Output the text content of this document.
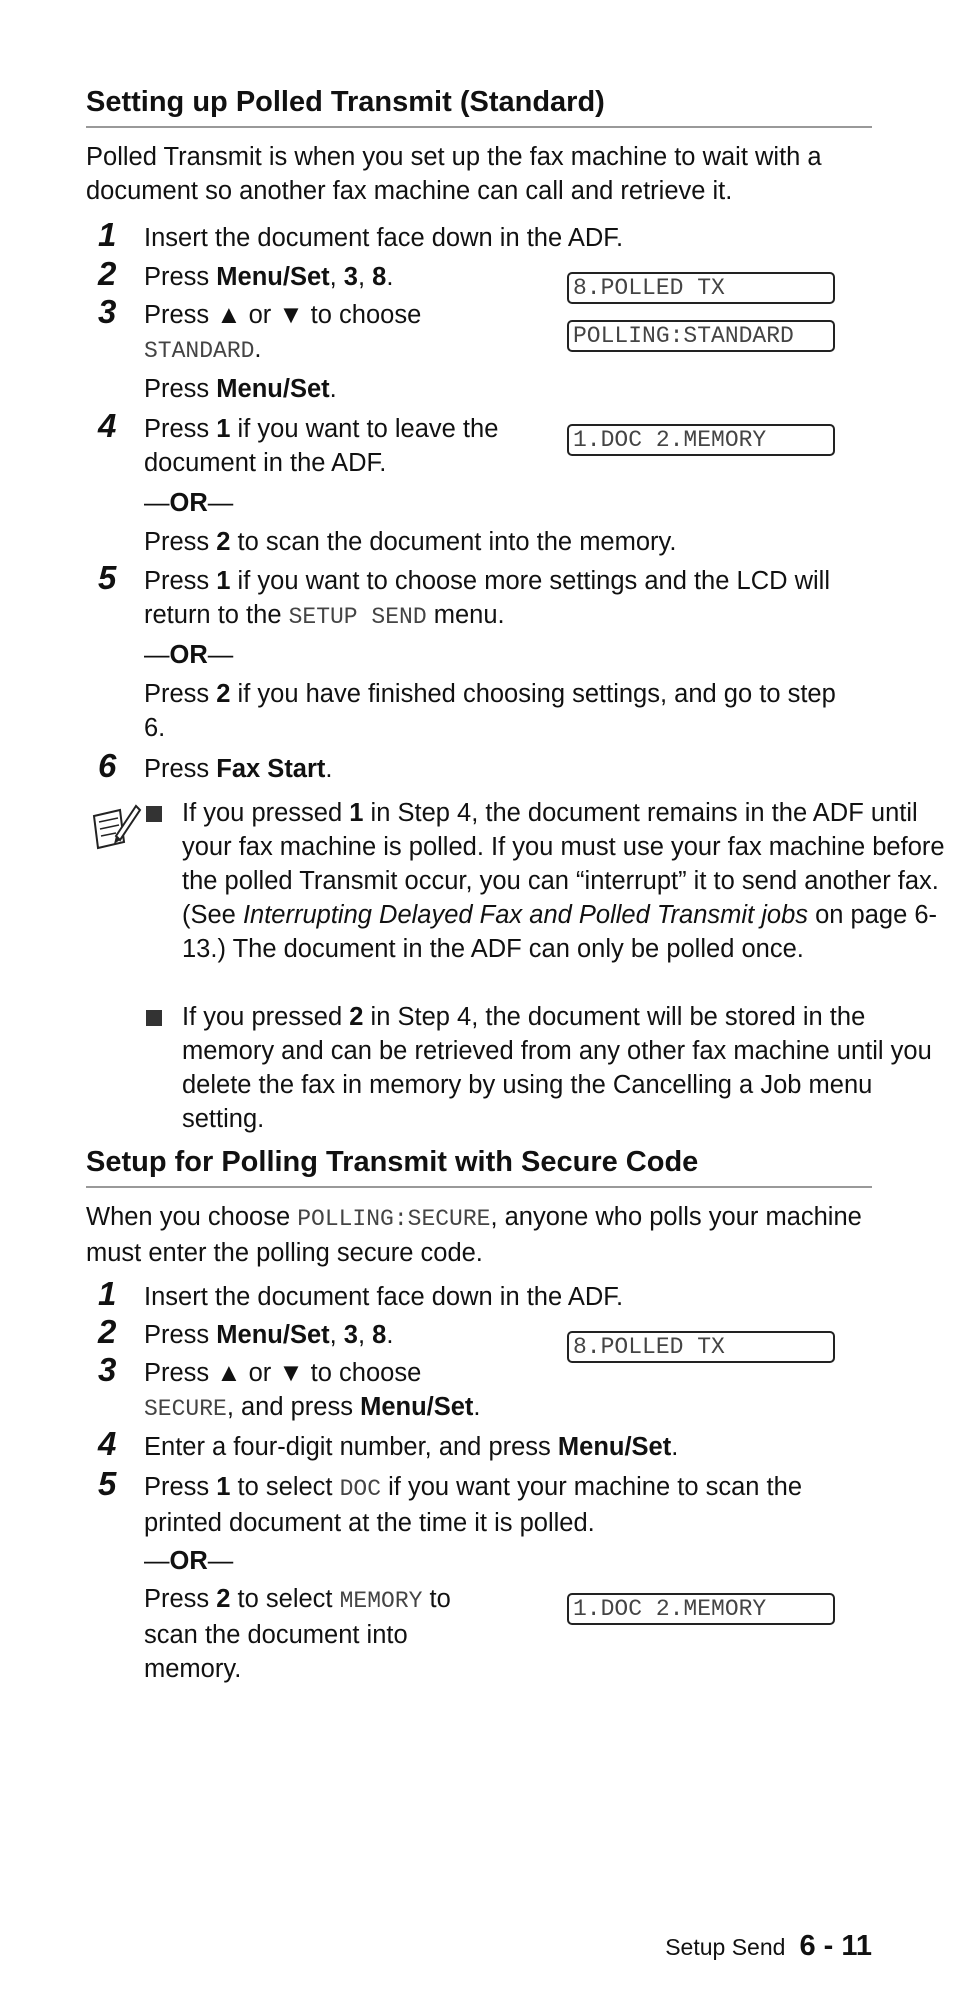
Setting up Polled Transmit (Standard)
Polled Transmit is when you set up the fax machine to wait with a document so another fax machine can call and retrieve it.
1 Insert the document face down in the ADF.
2 Press Menu/Set, 3, 8.
3 Press ▲ or ▼ to choose
STANDARD.
Press Menu/Set.
4 Press 1 if you want to leave the
document in the ADF.
—OR—
Press 2 to scan the document into the memory.
5 Press 1 if you want to choose more settings and the LCD will
return to the SETUP SEND menu.
—OR—
Press 2 if you have finished choosing settings, and go to step 6.
6 Press Fax Start.
8.POLLED TX
POLLING:STANDARD
1.DOC 2.MEMORY
If you pressed 1 in Step 4, the document remains in the ADF until your fax machine is polled. If you must use your fax machine before the polled Transmit occur, you can “interrupt” it to send another fax. (See Interrupting Delayed Fax and Polled Transmit jobs on page 6-13.) The document in the ADF can only be polled once.
If you pressed 2 in Step 4, the document will be stored in the memory and can be retrieved from any other fax machine until you delete the fax in memory by using the Cancelling a Job menu setting.
Setup for Polling Transmit with Secure Code
When you choose POLLING:SECURE, anyone who polls your machine must enter the polling secure code.
1 Insert the document face down in the ADF.
2 Press Menu/Set, 3, 8.
3 Press ▲ or ▼ to choose
SECURE, and press Menu/Set.
4 Enter a four-digit number, and press Menu/Set.
5 Press 1 to select DOC if you want your machine to scan the
printed document at the time it is polled.
—OR—
Press 2 to select MEMORY to
scan the document into
memory.
8.POLLED TX
1.DOC 2.MEMORY
Setup Send 6 - 11
